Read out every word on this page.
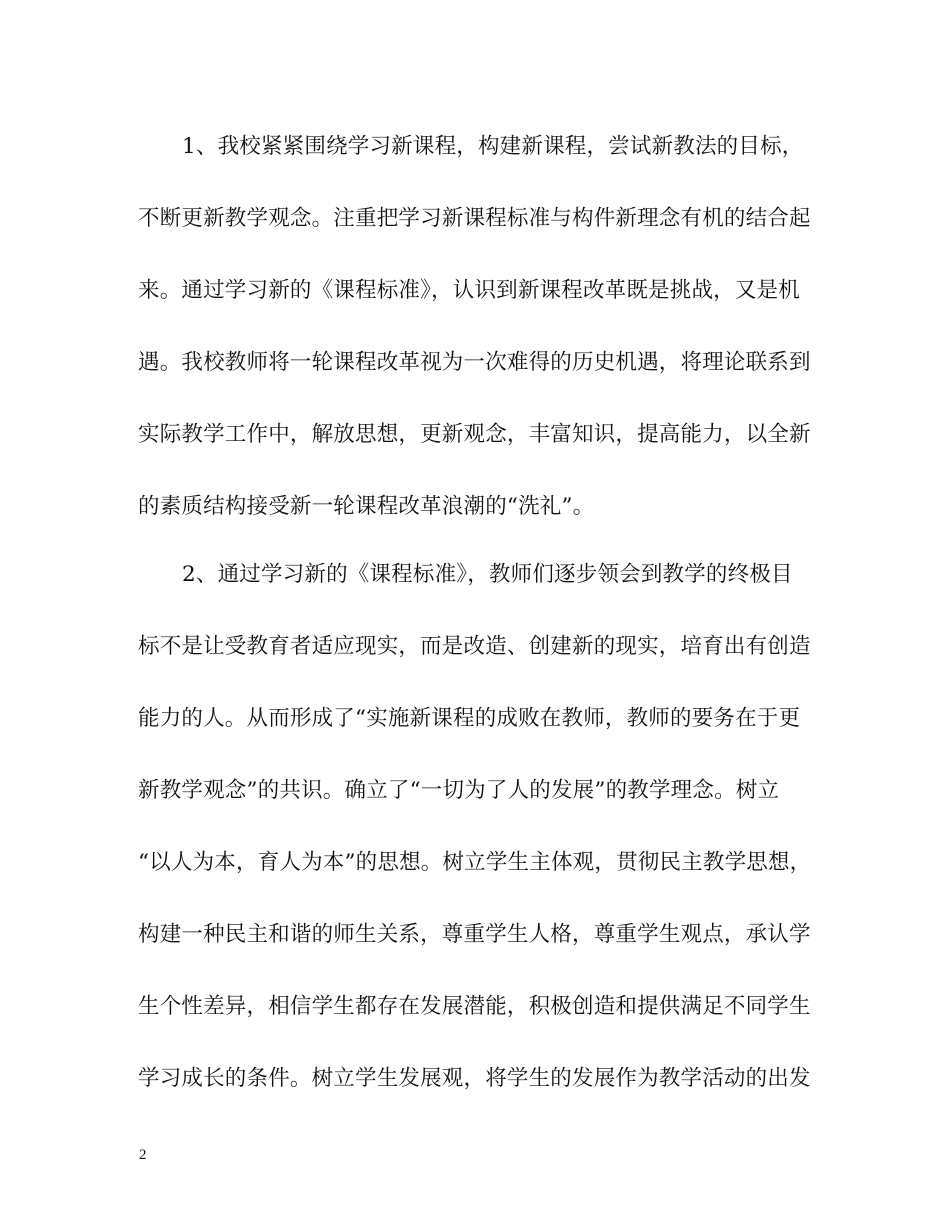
1、我校紧紧围绕学习新课程，构建新课程，尝试新教法的目标，
不断更新教学观念。注重把学习新课程标准与构件新理念有机的结合起
来。通过学习新的《课程标准》，认识到新课程改革既是挑战，又是机
遇。我校教师将一轮课程改革视为一次难得的历史机遇，将理论联系到
实际教学工作中，解放思想，更新观念，丰富知识，提高能力，以全新
的素质结构接受新一轮课程改革浪潮的“洗礼”。
2、通过学习新的《课程标准》，教师们逐步领会到教学的终极目
标不是让受教育者适应现实，而是改造、创建新的现实，培育出有创造
能力的人。从而形成了“实施新课程的成败在教师，教师的要务在于更
新教学观念”的共识。确立了“一切为了人的发展”的教学理念。树立
“以人为本，育人为本”的思想。树立学生主体观，贯彻民主教学思想，
构建一种民主和谐的师生关系，尊重学生人格，尊重学生观点，承认学
生个性差异，相信学生都存在发展潜能，积极创造和提供满足不同学生
学习成长的条件。树立学生发展观，将学生的发展作为教学活动的出发
2
